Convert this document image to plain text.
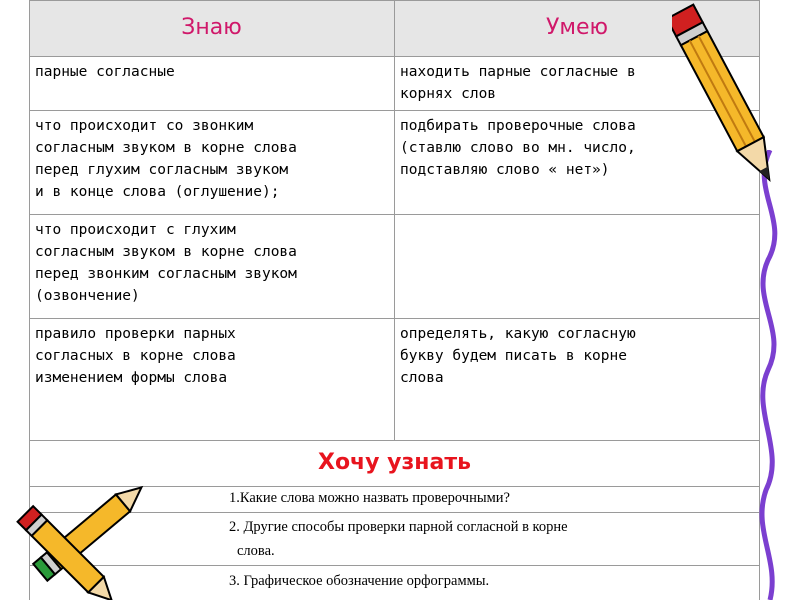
Знаю	Умею
парные согласные	находить парные согласные в
корнях слов
что происходит со звонким
согласным звуком в корне слова
перед глухим согласным звуком
и в конце слова (оглушение);
подбирать проверочные слова
(ставлю слово во мн. число,
подставляю слово « нет»)
что происходит с глухим
согласным звуком в корне слова
перед звонким согласным звуком
(озвончение)
правило проверки парных
согласных в корне слова
изменением формы слова
определять, какую согласную
букву будем писать в корне
слова
Хочу узнать
1.Какие слова можно назвать проверочными?
2. Другие способы проверки парной согласной в корне
слова.
3. Графическое обозначение орфограммы.
